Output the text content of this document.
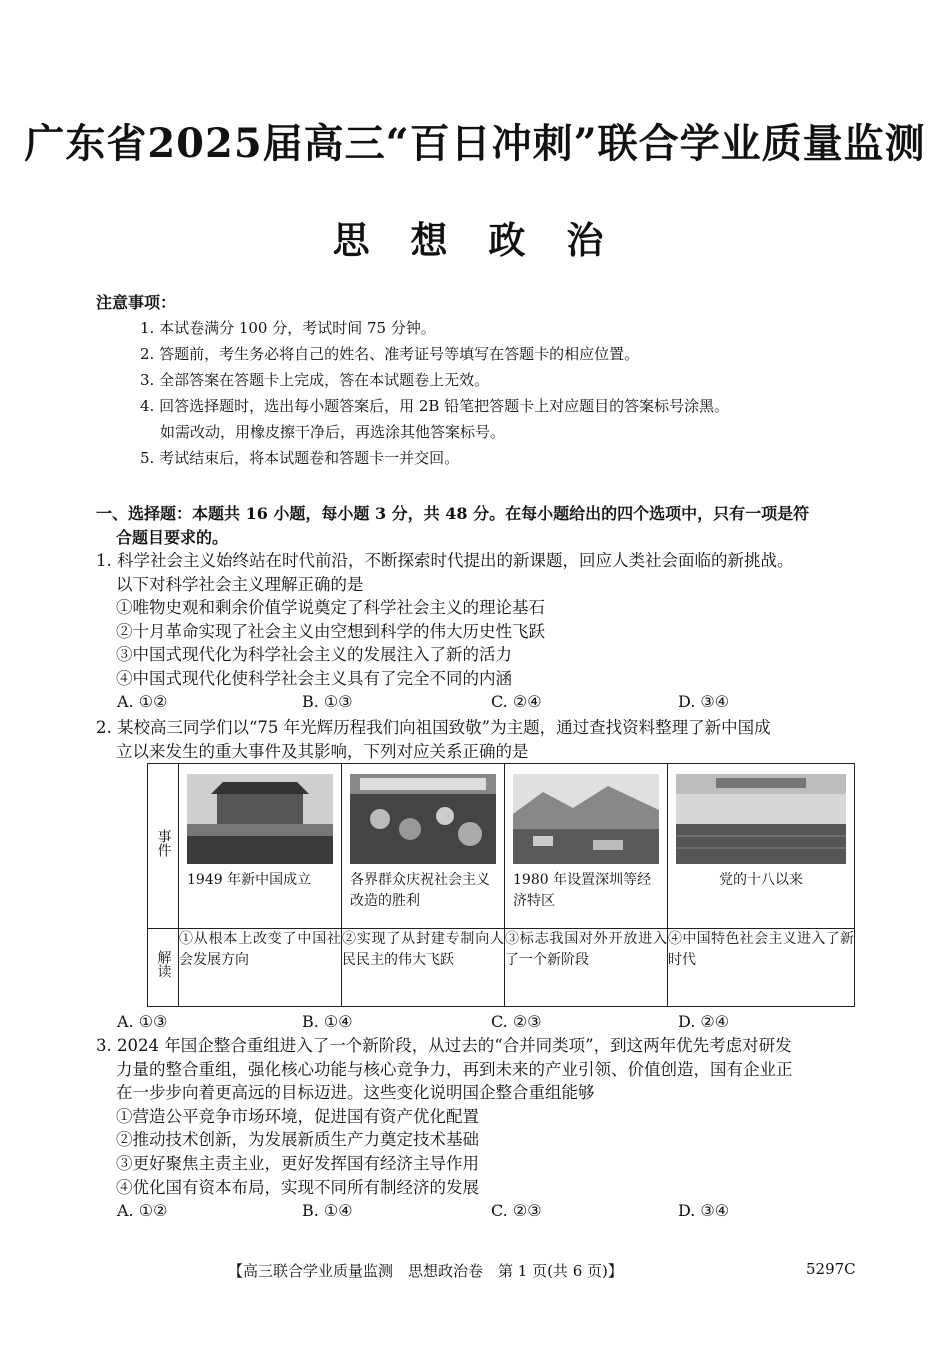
广东省2025届高三“百日冲刺”联合学业质量监测
思 想 政 治
注意事项：
1. 本试卷满分 100 分，考试时间 75 分钟。
2. 答题前，考生务必将自己的姓名、准考证号等填写在答题卡的相应位置。
3. 全部答案在答题卡上完成，答在本试题卷上无效。
4. 回答选择题时，选出每小题答案后，用 2B 铅笔把答题卡上对应题目的答案标号涂黑。
如需改动，用橡皮擦干净后，再选涂其他答案标号。
5. 考试结束后，将本试题卷和答题卡一并交回。
一、选择题：本题共 16 小题，每小题 3 分，共 48 分。在每小题给出的四个选项中，只有一项是符
合题目要求的。
1. 科学社会主义始终站在时代前沿，不断探索时代提出的新课题，回应人类社会面临的新挑战。
以下对科学社会主义理解正确的是
①唯物史观和剩余价值学说奠定了科学社会主义的理论基石
②十月革命实现了社会主义由空想到科学的伟大历史性飞跃
③中国式现代化为科学社会主义的发展注入了新的活力
④中国式现代化使科学社会主义具有了完全不同的内涵
A. ①②	B. ①③	C. ②④	D. ③④
2. 某校高三同学们以“75 年光辉历程我们向祖国致敬”为主题，通过查找资料整理了新中国成
立以来发生的重大事件及其影响，下列对应关系正确的是
事件	1949 年新中国成立	各界群众庆祝社会主义改造的胜利	1980 年设置深圳等经济特区	党的十八以来

解读	①从根本上改变了中国社会发展方向	②实现了从封建专制向人民民主的伟大飞跃	③标志我国对外开放进入了一个新阶段	④中国特色社会主义进入了新时代
A. ①③	B. ①④	C. ②③	D. ②④
3. 2024 年国企整合重组进入了一个新阶段，从过去的“合并同类项”，到这两年优先考虑对研发
力量的整合重组，强化核心功能与核心竞争力，再到未来的产业引领、价值创造，国有企业正
在一步步向着更高远的目标迈进。这些变化说明国企整合重组能够
①营造公平竞争市场环境，促进国有资产优化配置
②推动技术创新，为发展新质生产力奠定技术基础
③更好聚焦主责主业，更好发挥国有经济主导作用
④优化国有资本布局，实现不同所有制经济的发展
A. ①②	B. ①④	C. ②③	D. ③④
【高三联合学业质量监测　思想政治卷　第 1 页(共 6 页)】	5297C
